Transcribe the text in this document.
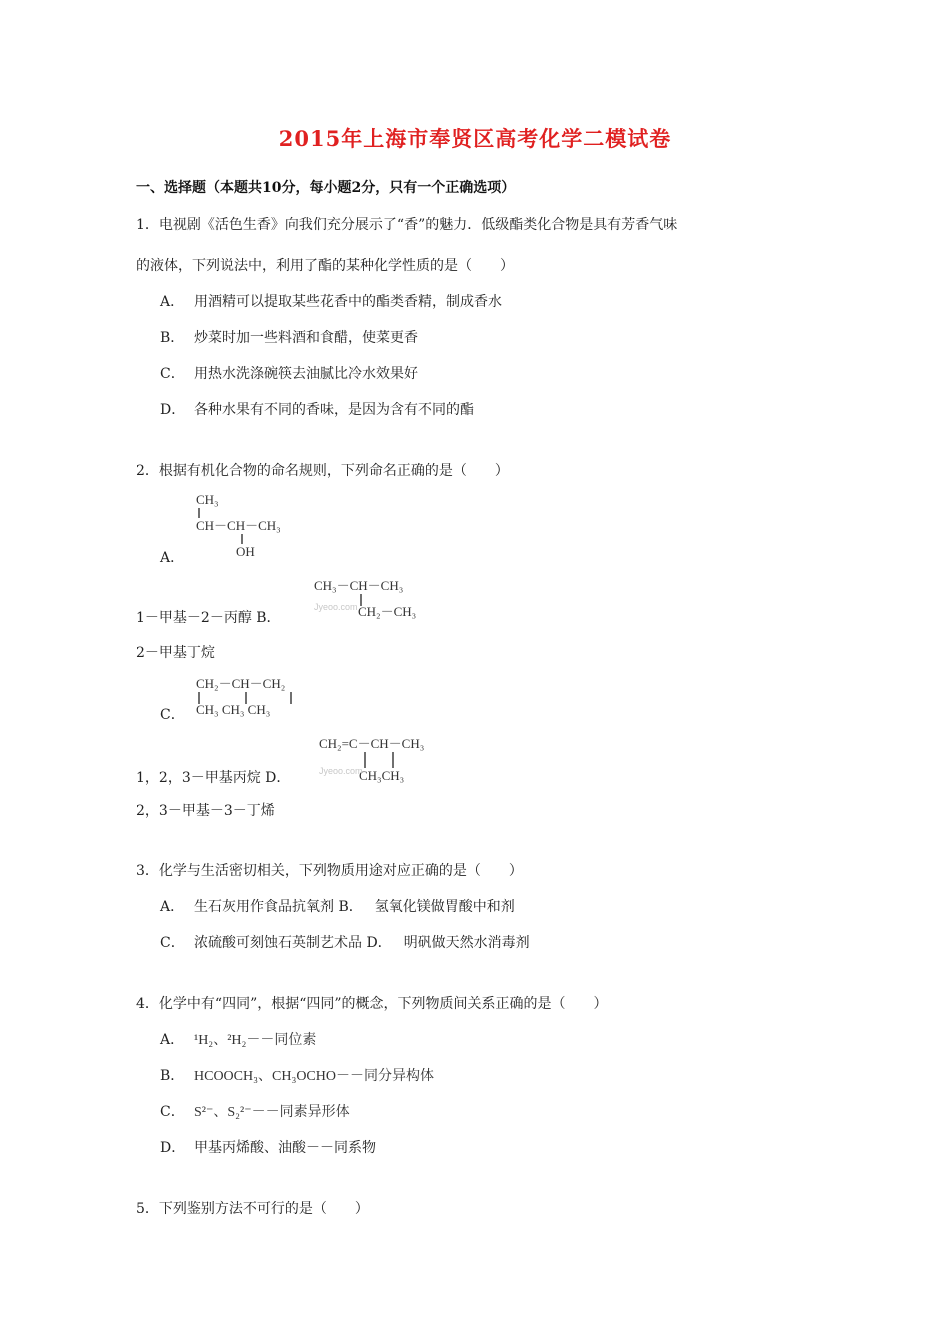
2015年上海市奉贤区高考化学二模试卷
一、选择题（本题共10分，每小题2分，只有一个正确选项）
1．电视剧《活色生香》向我们充分展示了“香”的魅力．低级酯类化合物是具有芳香气味
的液体，下列说法中，利用了酯的某种化学性质的是（　　）
A． 用酒精可以提取某些花香中的酯类香精，制成香水
B． 炒菜时加一些料酒和食醋，使菜更香
C． 用热水洗涤碗筷去油腻比冷水效果好
D． 各种水果有不同的香味，是因为含有不同的酯
2．根据有机化合物的命名规则，下列命名正确的是（　　）
CH₃
CH－CH－CH₃
OH
A．
CH₃－CH－CH₃
CH₂－CH₃
Jyeoo.com
1－甲基－2－丙醇 B．
2－甲基丁烷
CH₂－CH－CH₂
CH₃ CH₃ CH₃
C．
CH₂=C－CH－CH₃
CH₃CH₃
Jyeoo.com
1，2，3－甲基丙烷 D．
2，3－甲基－3－丁烯
3．化学与生活密切相关，下列物质用途对应正确的是（　　）
A． 生石灰用作食品抗氧剂 B． 氢氧化镁做胃酸中和剂
C． 浓硫酸可刻蚀石英制艺术品 D． 明矾做天然水消毒剂
4．化学中有“四同”，根据“四同”的概念，下列物质间关系正确的是（　　）
A． ¹H₂、²H₂－－同位素
B． HCOOCH₃、CH₃OCHO－－同分异构体
C． S²⁻、S₂²⁻－－同素异形体
D． 甲基丙烯酸、油酸－－同系物
5．下列鉴别方法不可行的是（　　）
